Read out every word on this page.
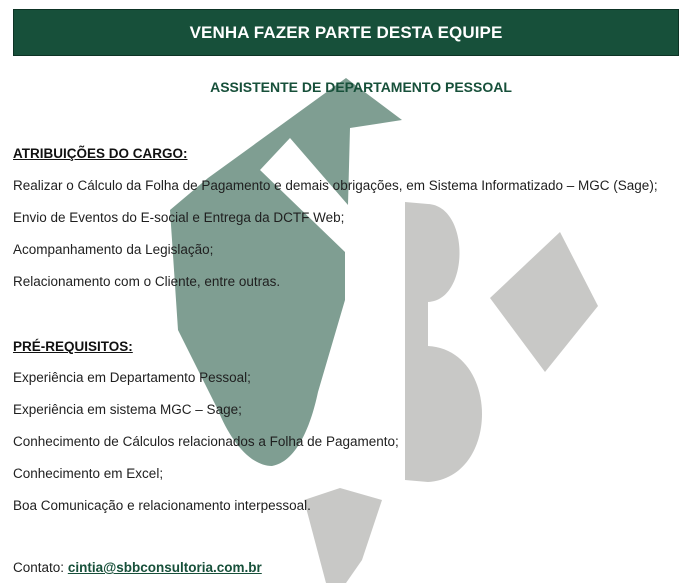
VENHA FAZER PARTE DESTA EQUIPE
ASSISTENTE DE DEPARTAMENTO PESSOAL
ATRIBUIÇÕES DO CARGO:
Realizar o Cálculo da Folha de Pagamento e demais obrigações, em Sistema Informatizado – MGC (Sage);
Envio de Eventos do E-social e Entrega da DCTF Web;
Acompanhamento da Legislação;
Relacionamento com o Cliente, entre outras.
PRÉ-REQUISITOS:
Experiência em Departamento Pessoal;
Experiência em sistema MGC – Sage;
Conhecimento de Cálculos relacionados a Folha de Pagamento;
Conhecimento em Excel;
Boa Comunicação e relacionamento interpessoal.
Contato: cintia@sbbconsultoria.com.br
